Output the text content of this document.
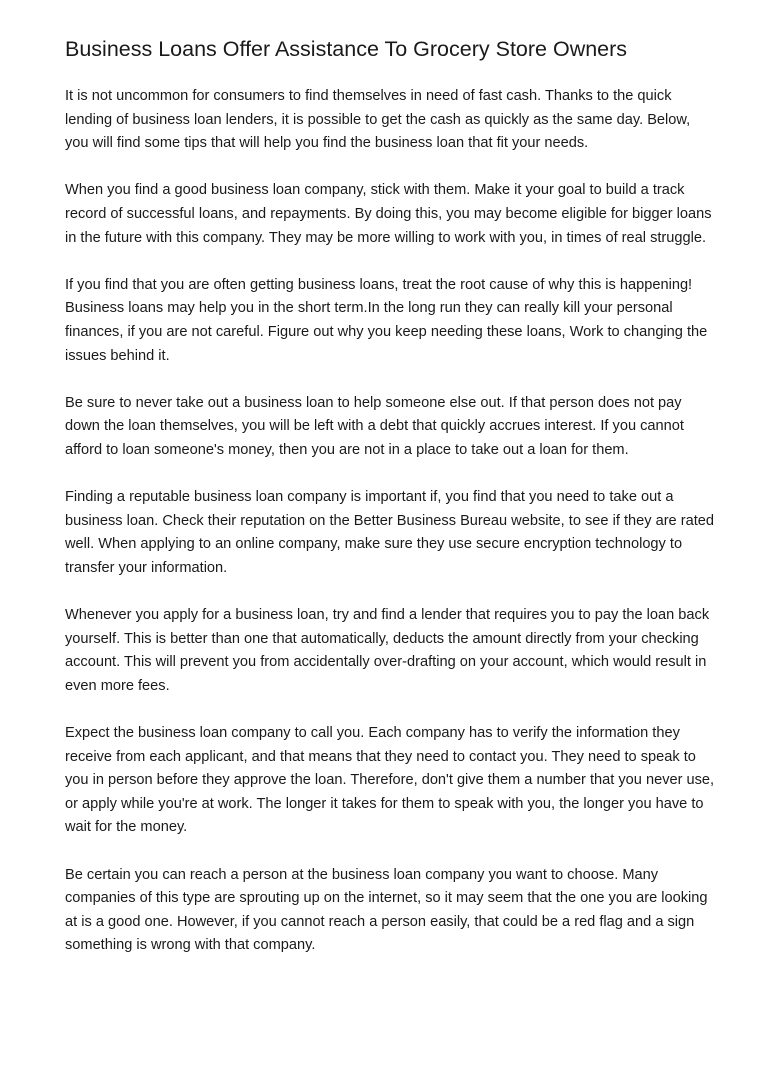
Business Loans Offer Assistance To Grocery Store Owners

It is not uncommon for consumers to find themselves in need of fast cash. Thanks to the quick lending of business loan lenders, it is possible to get the cash as quickly as the same day. Below, you will find some tips that will help you find the business loan that fit your needs.

When you find a good business loan company, stick with them. Make it your goal to build a track record of successful loans, and repayments. By doing this, you may become eligible for bigger loans in the future with this company. They may be more willing to work with you, in times of real struggle.

If you find that you are often getting business loans, treat the root cause of why this is happening! Business loans may help you in the short term.In the long run they can really kill your personal finances, if you are not careful. Figure out why you keep needing these loans, Work to changing the issues behind it.

Be sure to never take out a business loan to help someone else out. If that person does not pay down the loan themselves, you will be left with a debt that quickly accrues interest. If you cannot afford to loan someone's money, then you are not in a place to take out a loan for them.

Finding a reputable business loan company is important if, you find that you need to take out a business loan. Check their reputation on the Better Business Bureau website, to see if they are rated well. When applying to an online company, make sure they use secure encryption technology to transfer your information.

Whenever you apply for a business loan, try and find a lender that requires you to pay the loan back yourself. This is better than one that automatically, deducts the amount directly from your checking account. This will prevent you from accidentally over-drafting on your account, which would result in even more fees.

Expect the business loan company to call you. Each company has to verify the information they receive from each applicant, and that means that they need to contact you. They need to speak to you in person before they approve the loan. Therefore, don't give them a number that you never use, or apply while you're at work. The longer it takes for them to speak with you, the longer you have to wait for the money.

Be certain you can reach a person at the business loan company you want to choose. Many companies of this type are sprouting up on the internet, so it may seem that the one you are looking at is a good one. However, if you cannot reach a person easily, that could be a red flag and a sign something is wrong with that company.
